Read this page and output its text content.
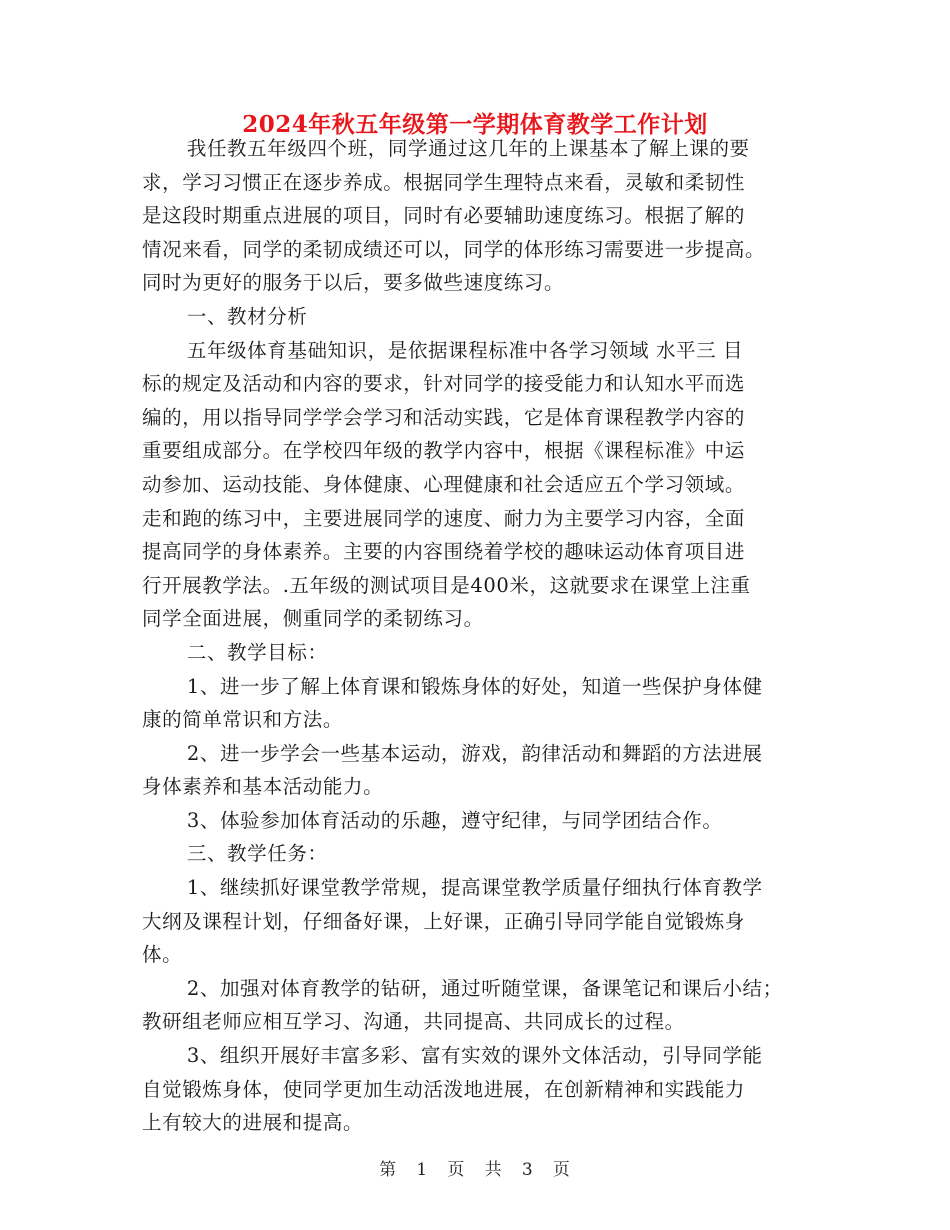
2024年秋五年级第一学期体育教学工作计划

我任教五年级四个班，同学通过这几年的上课基本了解上课的要
求，学习习惯正在逐步养成。根据同学生理特点来看，灵敏和柔韧性
是这段时期重点进展的项目，同时有必要辅助速度练习。根据了解的
情况来看，同学的柔韧成绩还可以，同学的体形练习需要进一步提高。
同时为更好的服务于以后，要多做些速度练习。

一、教材分析

五年级体育基础知识，是依据课程标准中各学习领域 水平三 目
标的规定及活动和内容的要求，针对同学的接受能力和认知水平而选
编的，用以指导同学学会学习和活动实践，它是体育课程教学内容的
重要组成部分。在学校四年级的教学内容中，根据《课程标准》中运
动参加、运动技能、身体健康、心理健康和社会适应五个学习领域。
走和跑的练习中，主要进展同学的速度、耐力为主要学习内容，全面
提高同学的身体素养。主要的内容围绕着学校的趣味运动体育项目进
行开展教学法。.五年级的测试项目是400米，这就要求在课堂上注重
同学全面进展，侧重同学的柔韧练习。

二、教学目标：

1、进一步了解上体育课和锻炼身体的好处，知道一些保护身体健
康的简单常识和方法。

2、进一步学会一些基本运动，游戏，韵律活动和舞蹈的方法进展
身体素养和基本活动能力。

3、体验参加体育活动的乐趣，遵守纪律，与同学团结合作。

三、教学任务：

1、继续抓好课堂教学常规，提高课堂教学质量仔细执行体育教学
大纲及课程计划，仔细备好课，上好课，正确引导同学能自觉锻炼身
体。

2、加强对体育教学的钻研，通过听随堂课，备课笔记和课后小结；
教研组老师应相互学习、沟通，共同提高、共同成长的过程。

3、组织开展好丰富多彩、富有实效的课外文体活动，引导同学能
自觉锻炼身体，使同学更加生动活泼地进展，在创新精神和实践能力
上有较大的进展和提高。

第 1 页 共 3 页
